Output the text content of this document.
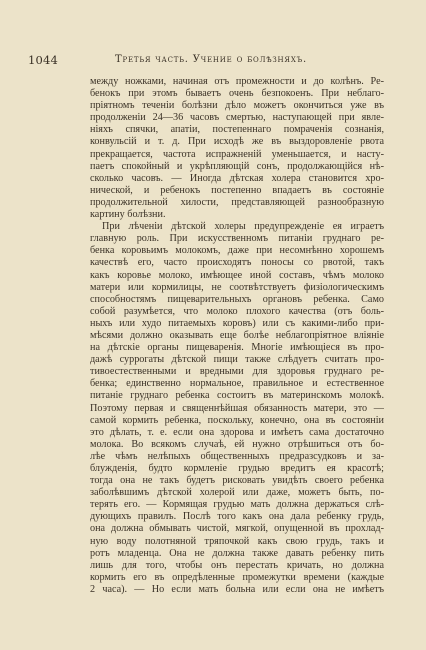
1044	Третья часть. Учение о болѣзняхъ.
между ножками, начиная отъ промежности и до колѣнъ. Ре-
бенокъ при этомъ бываетъ очень безпокоенъ. При неблаго-
пріятномъ теченіи болѣзни дѣло можетъ окончиться уже въ
продолженіи 24—36 часовъ смертью, наступающей при явле-
ніяхъ спячки, апатіи, постепеннаго помраченія сознанія,
конвульсій и т. д. При исходѣ же въ выздоровленіе рвота
прекращается, частота испражненій уменьшается, и насту-
паетъ спокойный и укрѣпляющій сонъ, продолжающійся нѣ-
сколько часовъ. — Иногда дѣтская холера становится хро-
нической, и ребенокъ постепенно впадаетъ въ состояніе
продолжительной хилости, представляющей разнообразную
картину болѣзни.
При лѣченіи дѣтской холеры предупрежденіе ея играетъ
главную роль. При искусственномъ питаніи груднаго ре-
бенка коровьимъ молокомъ, даже при несомнѣнно хорошемъ
качествѣ его, часто происходятъ поносы со рвотой, такъ
какъ коровье молоко, имѣющее иной составъ, чѣмъ молоко
матери или кормилицы, не соотвѣтствуетъ физіологическимъ
способностямъ пищеварительныхъ органовъ ребенка. Само
собой разумѣется, что молоко плохого качества (отъ боль-
ныхъ или худо питаемыхъ коровъ) или съ какими-либо при-
мѣсями должно оказывать еще болѣе неблагопріятное вліяніе
на дѣтскіе органы пищеваренія. Многіе имѣющіеся въ про-
дажѣ суррогаты дѣтской пищи также слѣдуетъ считать про-
тивоестественными и вредными для здоровья груднаго ре-
бенка; единственно нормальное, правильное и естественное
питаніе груднаго ребенка состоитъ въ материнскомъ молокѣ.
Поэтому первая и священнѣйшая обязанность матери, это —
самой кормить ребенка, поскольку, конечно, она въ состояніи
это дѣлать, т. е. если она здорова и имѣетъ сама достаточно
молока. Во всякомъ случаѣ, ей нужно отрѣшиться отъ бо-
лѣе чѣмъ нелѣпыхъ общественныхъ предразсудковъ и за-
блужденія, будто кормленіе грудью вредитъ ея красотѣ;
тогда она не такъ будетъ рисковать увидѣть своего ребенка
заболѣвшимъ дѣтской холерой или даже, можетъ быть, по-
терять его. — Кормящая грудью мать должна держаться слѣ-
дующихъ правилъ. Послѣ того какъ она дала ребенку грудь,
она должна обмывать чистой, мягкой, опущенной въ прохлад-
ную воду полотняной тряпочкой какъ свою грудь, такъ и
ротъ младенца. Она не должна также давать ребенку пить
лишь для того, чтобы онъ перестать кричать, но должна
кормить его въ опредѣленные промежутки времени (каждые
2 часа). — Но если мать больна или если она не имѣетъ
